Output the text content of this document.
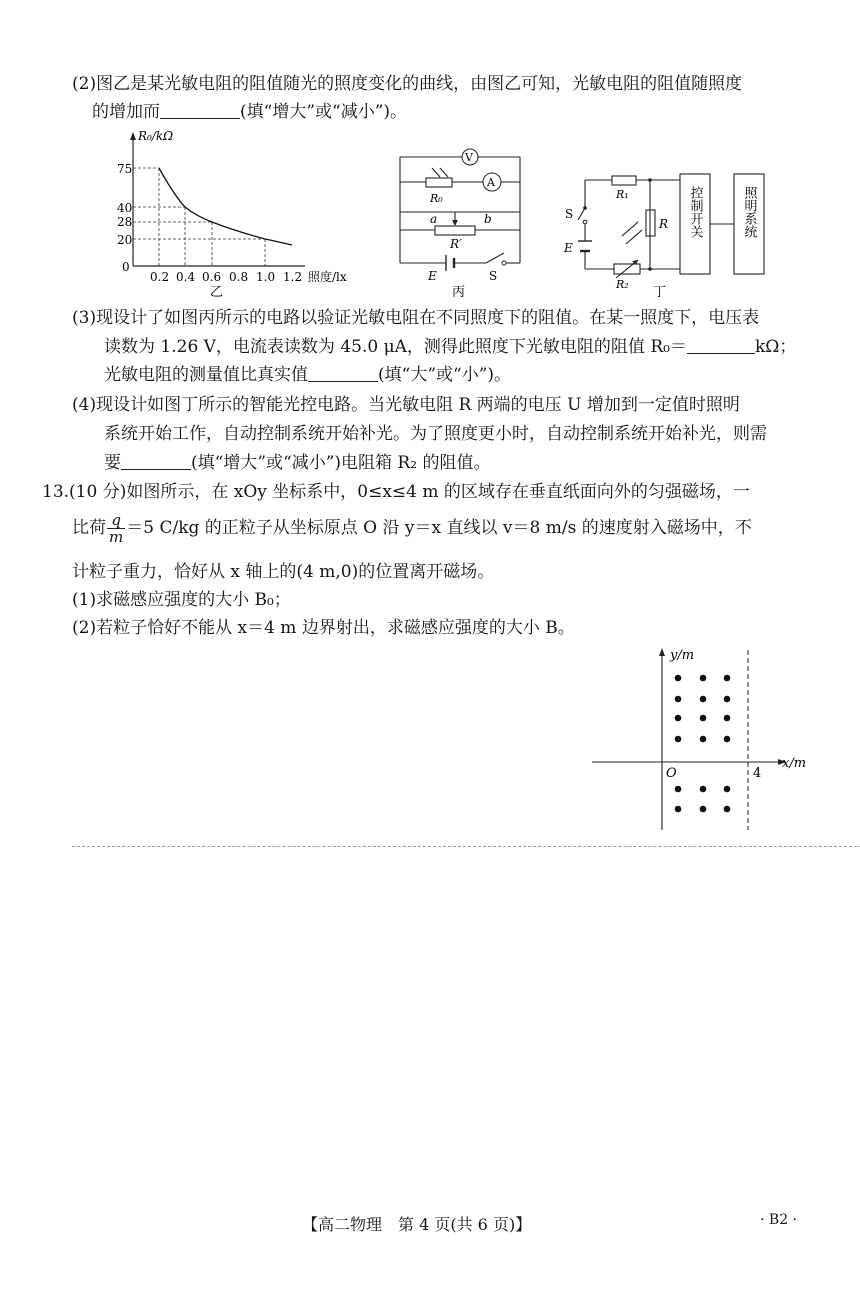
(2)图乙是某光敏电阻的阻值随光的照度变化的曲线，由图乙可知，光敏电阻的阻值随照度
的增加而	(填“增大”或“减小”)。
R₀/kΩ
75
40
28
20
0
0.2 0.4 0.6 0.8 1.0 1.2 照度/lx
乙
V
A
R₀
a	b
R′
E	S
丙
S
E
R₁
R
R₂
控制开关	照明系统
丁
(3)现设计了如图丙所示的电路以验证光敏电阻在不同照度下的阻值。在某一照度下，电压表
读数为 1.26 V，电流表读数为 45.0 μA，测得此照度下光敏电阻的阻值 R₀＝	kΩ；
光敏电阻的测量值比真实值	(填“大”或“小”)。
(4)现设计如图丁所示的智能光控电路。当光敏电阻 R 两端的电压 U 增加到一定值时照明
系统开始工作，自动控制系统开始补光。为了照度更小时，自动控制系统开始补光，则需
要	(填“增大”或“减小”)电阻箱 R₂ 的阻值。
13.(10 分)如图所示，在 xOy 坐标系中，0≤x≤4 m 的区域存在垂直纸面向外的匀强磁场，一
比荷 $\frac{q}{m} =5$ C/kg 的正粒子从坐标原点 O 沿 y＝x 直线以 v＝8 m/s 的速度射入磁场中，不
计粒子重力，恰好从 x 轴上的(4 m,0)的位置离开磁场。
(1)求磁感应强度的大小 B₀；
(2)若粒子恰好不能从 x＝4 m 边界射出，求磁感应强度的大小 B。
y/m
x/m
O	4
【高二物理　第 4 页(共 6 页)】	· B2 ·
